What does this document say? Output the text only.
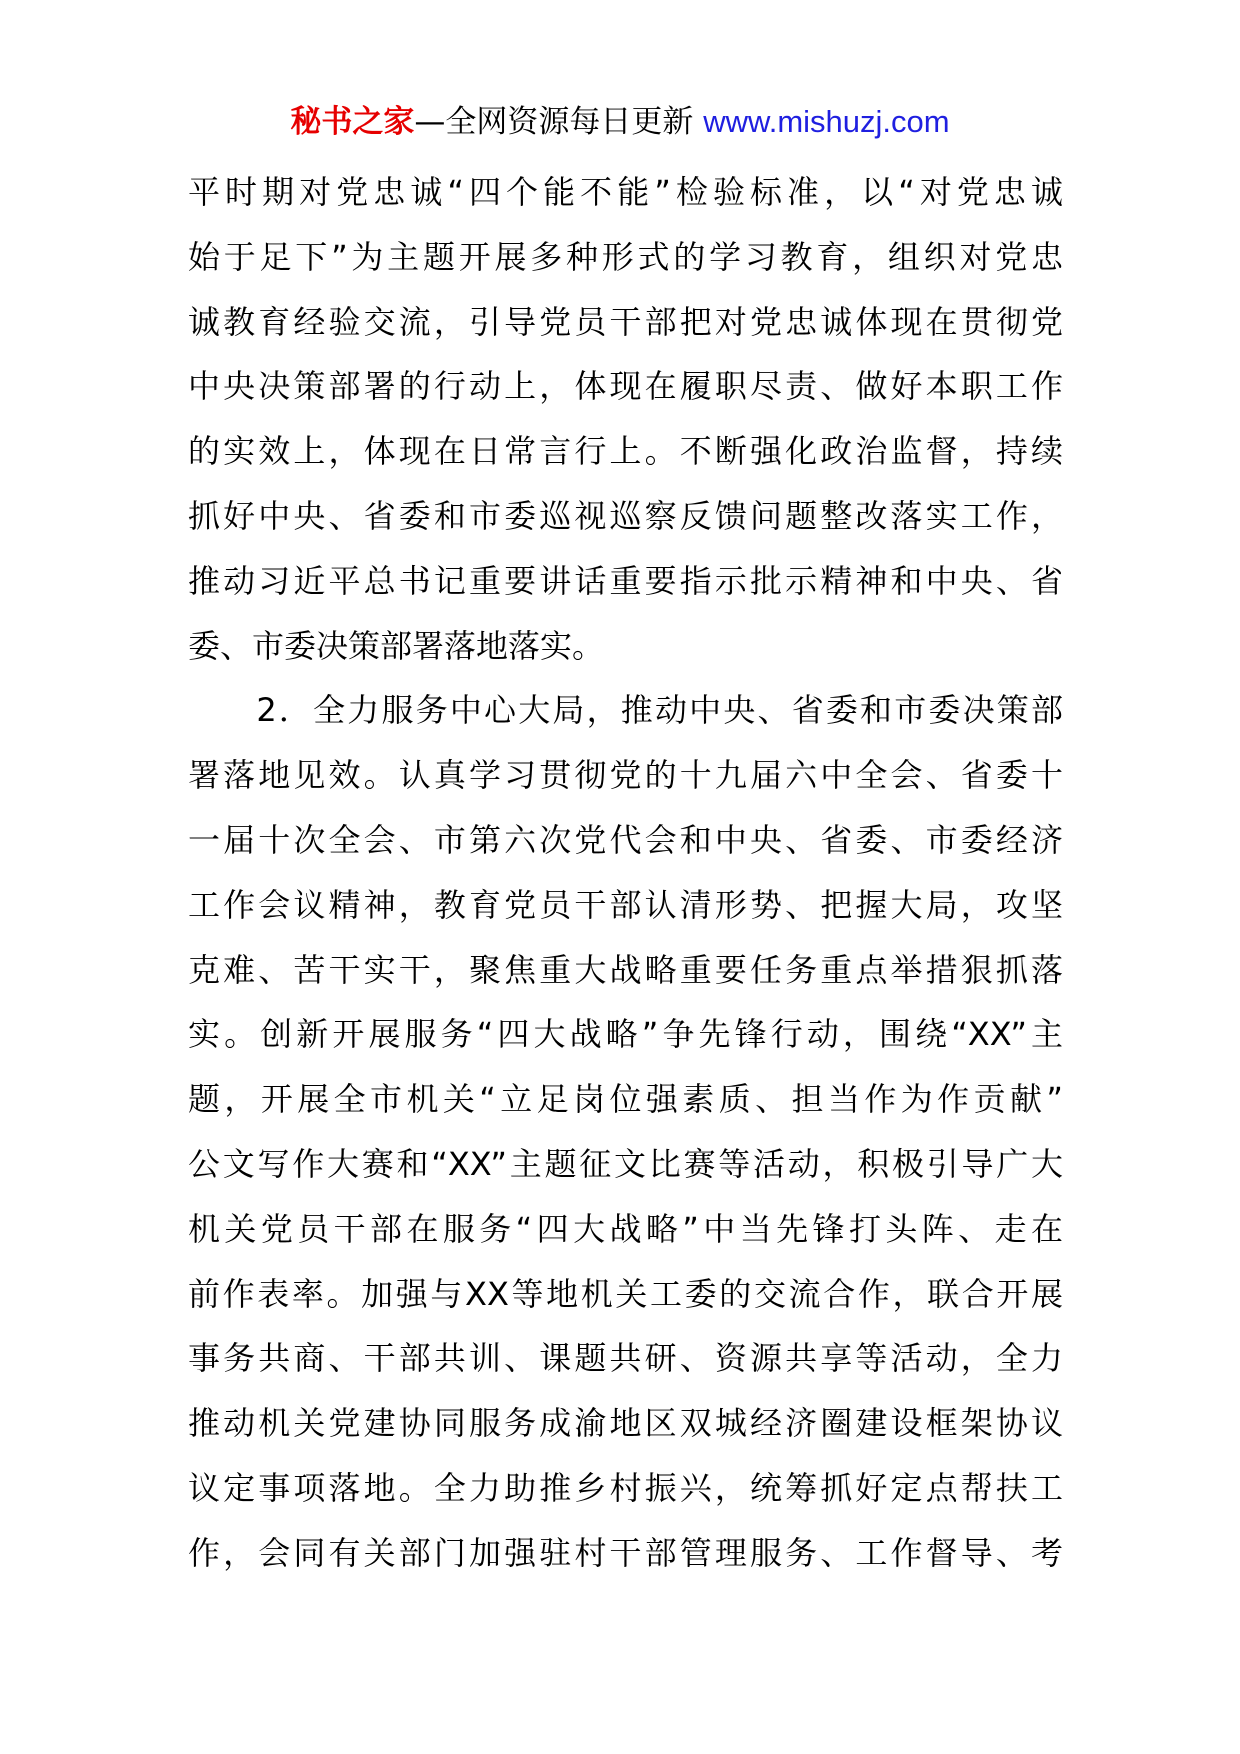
秘书之家—全网资源每日更新 www.mishuzj.com
平时期对党忠诚“四个能不能”检验标准，以“对党忠诚
始于足下”为主题开展多种形式的学习教育，组织对党忠
诚教育经验交流，引导党员干部把对党忠诚体现在贯彻党
中央决策部署的行动上，体现在履职尽责、做好本职工作
的实效上，体现在日常言行上。不断强化政治监督，持续
抓好中央、省委和市委巡视巡察反馈问题整改落实工作，
推动习近平总书记重要讲话重要指示批示精神和中央、省
委、市委决策部署落地落实。
　　2．全力服务中心大局，推动中央、省委和市委决策部
署落地见效。认真学习贯彻党的十九届六中全会、省委十
一届十次全会、市第六次党代会和中央、省委、市委经济
工作会议精神，教育党员干部认清形势、把握大局，攻坚
克难、苦干实干，聚焦重大战略重要任务重点举措狠抓落
实。创新开展服务“四大战略”争先锋行动，围绕“XX”主
题，开展全市机关“立足岗位强素质、担当作为作贡献”
公文写作大赛和“XX”主题征文比赛等活动，积极引导广大
机关党员干部在服务“四大战略”中当先锋打头阵、走在
前作表率。加强与XX等地机关工委的交流合作，联合开展
事务共商、干部共训、课题共研、资源共享等活动，全力
推动机关党建协同服务成渝地区双城经济圈建设框架协议
议定事项落地。全力助推乡村振兴，统筹抓好定点帮扶工
作，会同有关部门加强驻村干部管理服务、工作督导、考
